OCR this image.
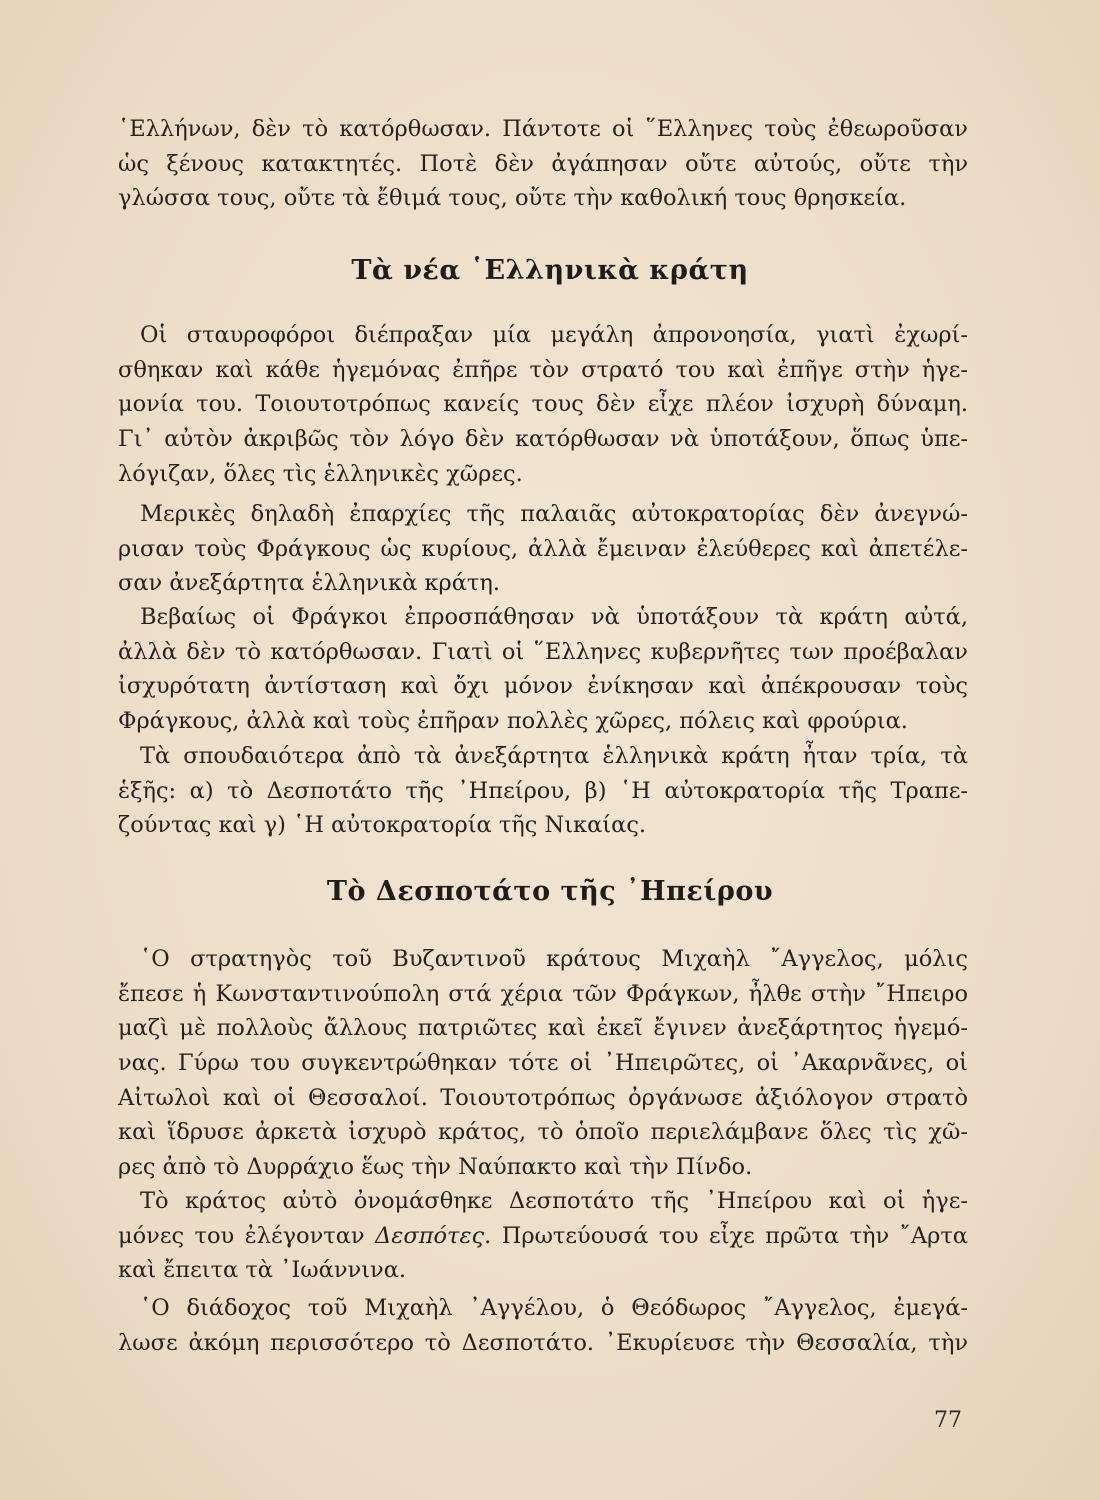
῾Ελλήνων, δὲν τὸ κατόρθωσαν. Πάντοτε οἱ ῞Ελληνες τοὺς ἐθεωροῦσαν
ὡς ξένους κατακτητές. Ποτὲ δὲν ἀγάπησαν οὔτε αὐτούς, οὔτε τὴν
γλώσσα τους, οὔτε τὰ ἔθιμά τους, οὔτε τὴν καθολική τους θρησκεία.
Τὰ νέα ῾Ελληνικὰ κράτη
Οἱ σταυροφόροι διέπραξαν μία μεγάλη ἀπρονοησία, γιατὶ ἐχωρί-
σθηκαν καὶ κάθε ἡγεμόνας ἐπῆρε τὸν στρατό του καὶ ἐπῆγε στὴν ἡγε-
μονία του. Τοιουτοτρόπως κανείς τους δὲν εἶχε πλέον ἰσχυρὴ δύναμη.
Γι᾽ αὐτὸν ἀκριβῶς τὸν λόγο δὲν κατόρθωσαν νὰ ὑποτάξουν, ὅπως ὑπε-
λόγιζαν, ὅλες τὶς ἑλληνικὲς χῶρες.
Μερικὲς δηλαδὴ ἐπαρχίες τῆς παλαιᾶς αὐτοκρατορίας δὲν ἀνεγνώ-
ρισαν τοὺς Φράγκους ὡς κυρίους, ἀλλὰ ἔμειναν ἐλεύθερες καὶ ἀπετέλε-
σαν ἀνεξάρτητα ἑλληνικὰ κράτη.
Βεβαίως οἱ Φράγκοι ἐπροσπάθησαν νὰ ὑποτάξουν τὰ κράτη αὐτά,
ἀλλὰ δὲν τὸ κατόρθωσαν. Γιατὶ οἱ ῞Ελληνες κυβερνῆτες των προέβαλαν
ἰσχυρότατη ἀντίσταση καὶ ὄχι μόνον ἐνίκησαν καὶ ἀπέκρουσαν τοὺς
Φράγκους, ἀλλὰ καὶ τοὺς ἐπῆραν πολλὲς χῶρες, πόλεις καὶ φρούρια.
Τὰ σπουδαιότερα ἀπὸ τὰ ἀνεξάρτητα ἑλληνικὰ κράτη ἦταν τρία, τὰ
ἑξῆς: α) τὸ Δεσποτάτο τῆς ᾽Ηπείρου, β) ῾Η αὐτοκρατορία τῆς Τραπε-
ζούντας καὶ γ) ῾Η αὐτοκρατορία τῆς Νικαίας.
Τὸ Δεσποτάτο τῆς ᾽Ηπείρου
῾Ο στρατηγὸς τοῦ Βυζαντινοῦ κράτους Μιχαὴλ ῎Αγγελος, μόλις
ἔπεσε ἡ Κωνσταντινούπολη στά χέρια τῶν Φράγκων, ἦλθε στὴν ῎Ηπειρο
μαζὶ μὲ πολλοὺς ἄλλους πατριῶτες καὶ ἐκεῖ ἔγινεν ἀνεξάρτητος ἡγεμό-
νας. Γύρω του συγκεντρώθηκαν τότε οἱ ᾽Ηπειρῶτες, οἱ ᾽Ακαρνᾶνες, οἱ
Αἰτωλοὶ καὶ οἱ Θεσσαλοί. Τοιουτοτρόπως ὀργάνωσε ἀξιόλογον στρατὸ
καὶ ἵδρυσε ἀρκετὰ ἰσχυρὸ κράτος, τὸ ὁποῖο περιελάμβανε ὅλες τὶς χῶ-
ρες ἀπὸ τὸ Δυρράχιο ἕως τὴν Ναύπακτο καὶ τὴν Πίνδο.
Τὸ κράτος αὐτὸ ὀνομάσθηκε Δεσποτάτο τῆς ᾽Ηπείρου καὶ οἱ ἡγε-
μόνες του ἐλέγονταν Δεσπότες. Πρωτεύουσά του εἶχε πρῶτα τὴν ῎Αρτα
καὶ ἔπειτα τὰ ᾽Ιωάννινα.
῾Ο διάδοχος τοῦ Μιχαὴλ ᾽Αγγέλου, ὁ Θεόδωρος ῎Αγγελος, ἐμεγά-
λωσε ἀκόμη περισσότερο τὸ Δεσποτάτο. ᾽Εκυρίευσε τὴν Θεσσαλία, τὴν
77
